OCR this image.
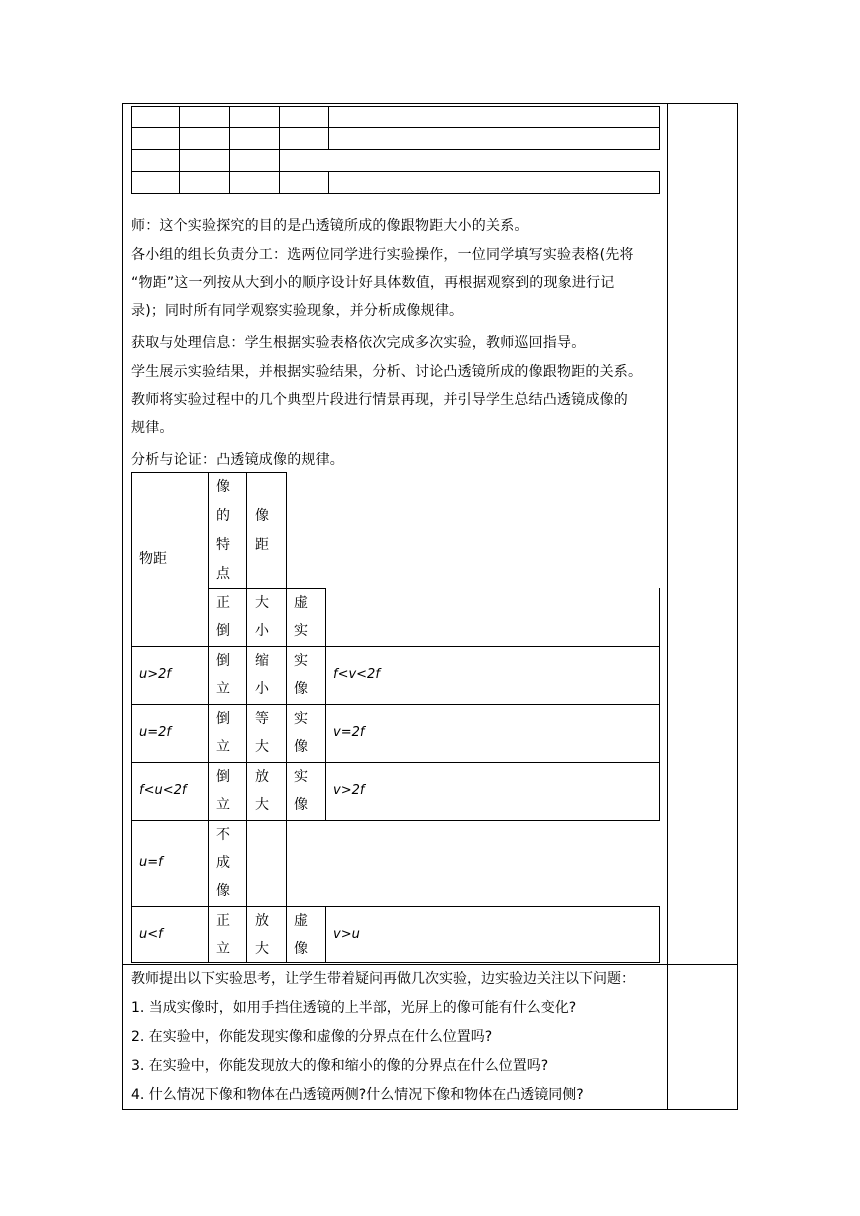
师：这个实验探究的目的是凸透镜所成的像跟物距大小的关系。
各小组的组长负责分工：选两位同学进行实验操作，一位同学填写实验表格(先将
“物距”这一列按从大到小的顺序设计好具体数值，再根据观察到的现象进行记
录)；同时所有同学观察实验现象，并分析成像规律。
获取与处理信息：学生根据实验表格依次完成多次实验，教师巡回指导。
学生展示实验结果，并根据实验结果，分析、讨论凸透镜所成的像跟物距的关系。
教师将实验过程中的几个典型片段进行情景再现，并引导学生总结凸透镜成像的
规律。
分析与论证：凸透镜成像的规律。
物距
像
的
特
点
像
距
正
倒
大
小
虚
实
u>2f
倒
立
缩
小
实
像
f<v<2f
u=2f
倒
立
等
大
实
像
v=2f
f<u<2f
倒
立
放
大
实
像
v>2f
u=f
不
成
像
u<f
正
立
放
大
虚
像
v>u
教师提出以下实验思考，让学生带着疑问再做几次实验，边实验边关注以下问题：
1. 当成实像时，如用手挡住透镜的上半部，光屏上的像可能有什么变化?
2. 在实验中，你能发现实像和虚像的分界点在什么位置吗?
3. 在实验中，你能发现放大的像和缩小的像的分界点在什么位置吗?
4. 什么情况下像和物体在凸透镜两侧?什么情况下像和物体在凸透镜同侧?
